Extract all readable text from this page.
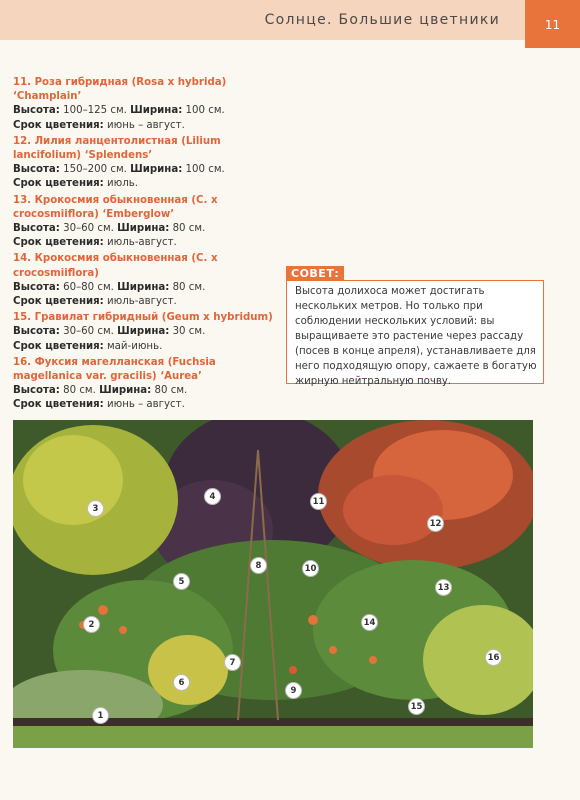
Солнце. Большие цветники	11
11. Роза гибридная (Rosa x hybrida) ‘Champlain’
Высота: 100–125 см. Ширина: 100 см.
Срок цветения: июнь – август.
12. Лилия ланцентолистная (Lilium lancifolium) ‘Splendens’
Высота: 150–200 см. Ширина: 100 см.
Срок цветения: июль.
13. Крокосмия обыкновенная (C. x crocosmiiflora) ‘Emberglow’
Высота: 30–60 см. Ширина: 80 см.
Срок цветения: июль-август.
14. Крокосмия обыкновенная (C. x crocosmiiflora)
Высота: 60–80 см. Ширина: 80 см.
Срок цветения: июль-август.
15. Гравилат гибридный (Geum x hybridum)
Высота: 30–60 см. Ширина: 30 см.
Срок цветения: май-июнь.
16. Фуксия магелланская (Fuchsia magellanica var. gracilis) ‘Aurea’
Высота: 80 см. Ширина: 80 см.
Срок цветения: июнь – август.
СОВЕТ:
Высота долихоса может достигать нескольких метров. Но только при соблюдении нескольких условий: вы выращиваете это растение через рассаду (посев в конце апреля), устанавливаете для него подходящую опору, сажаете в богатую жирную нейтральную почву.
1
2
3
4
5
6
7
8
9
10
11
12
13
14
15
16
